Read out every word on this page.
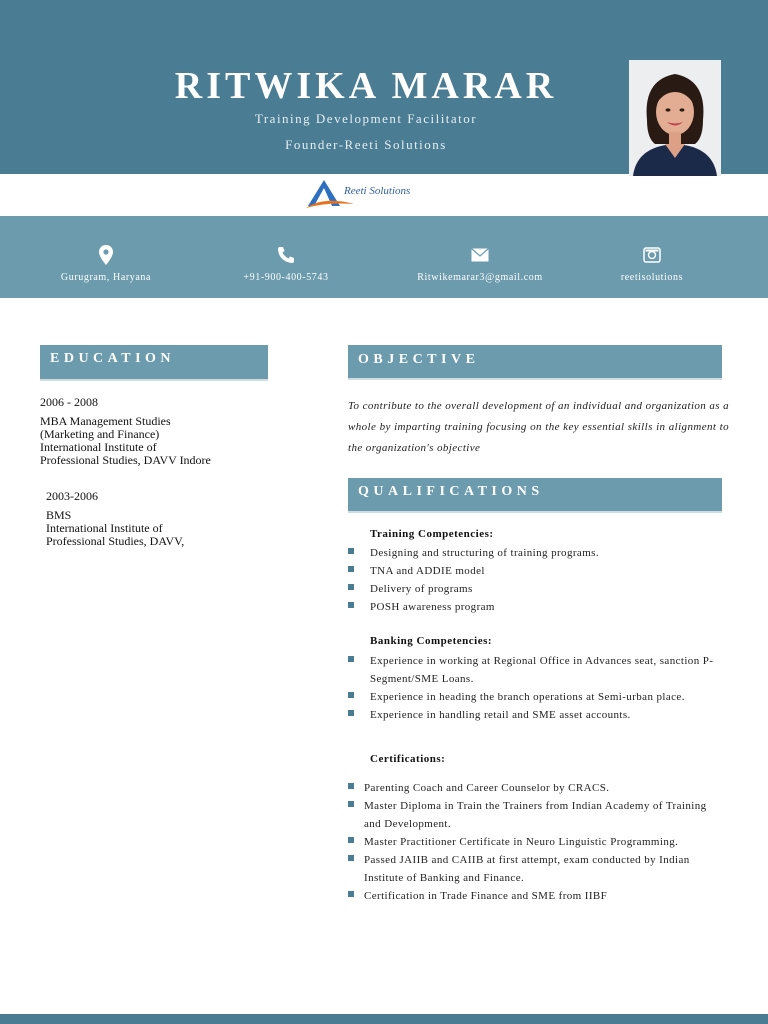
RITWIKA MARAR
Training Development Facilitator
Founder-Reeti Solutions
Reeti Solutions
Gurugram, Haryana	+91-900-400-5743	Ritwikemarar3@gmail.com	reetisolutions
EDUCATION
2006 - 2008
MBA Management Studies
(Marketing and Finance)
International Institute of
Professional Studies, DAVV Indore
2003-2006
BMS
International Institute of
Professional Studies, DAVV,
OBJECTIVE
To contribute to the overall development of an individual and organization as a whole by imparting training focusing on the key essential skills in alignment to the organization's objective
QUALIFICATIONS
Training Competencies:
Designing and structuring of training programs.
TNA and ADDIE model
Delivery of programs
POSH awareness program
Banking Competencies:
Experience in working at Regional Office in Advances seat, sanction P-Segment/SME Loans.
Experience in heading the branch operations at Semi-urban place.
Experience in handling retail and SME asset accounts.
Certifications:
Parenting Coach and Career Counselor by CRACS.
Master Diploma in Train the Trainers from Indian Academy of Training and Development.
Master Practitioner Certificate in Neuro Linguistic Programming.
Passed JAIIB and CAIIB at first attempt, exam conducted by Indian Institute of Banking and Finance.
Certification in Trade Finance and SME from IIBF
